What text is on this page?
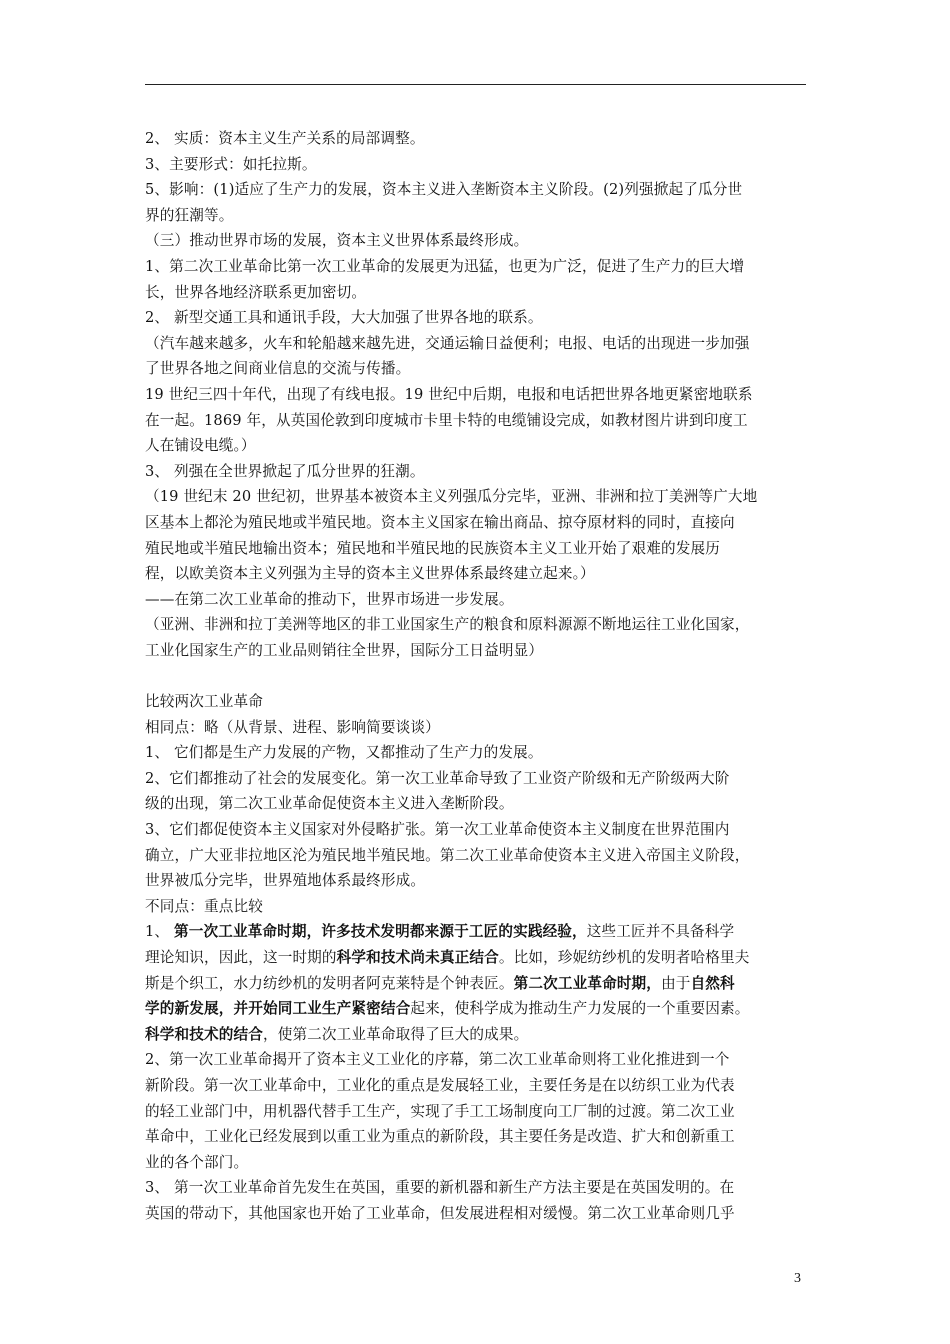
2、 实质：资本主义生产关系的局部调整。
3、主要形式：如托拉斯。
5、影响：(1)适应了生产力的发展，资本主义进入垄断资本主义阶段。(2)列强掀起了瓜分世
界的狂潮等。
（三）推动世界市场的发展，资本主义世界体系最终形成。
1、第二次工业革命比第一次工业革命的发展更为迅猛，也更为广泛，促进了生产力的巨大增
长，世界各地经济联系更加密切。
2、 新型交通工具和通讯手段，大大加强了世界各地的联系。
（汽车越来越多，火车和轮船越来越先进，交通运输日益便利；电报、电话的出现进一步加强
了世界各地之间商业信息的交流与传播。
19 世纪三四十年代，出现了有线电报。19 世纪中后期，电报和电话把世界各地更紧密地联系
在一起。1869 年，从英国伦敦到印度城市卡里卡特的电缆铺设完成，如教材图片讲到印度工
人在铺设电缆。）
3、 列强在全世界掀起了瓜分世界的狂潮。
（19 世纪末 20 世纪初，世界基本被资本主义列强瓜分完毕，亚洲、非洲和拉丁美洲等广大地
区基本上都沦为殖民地或半殖民地。资本主义国家在输出商品、掠夺原材料的同时，直接向
殖民地或半殖民地输出资本；殖民地和半殖民地的民族资本主义工业开始了艰难的发展历
程，以欧美资本主义列强为主导的资本主义世界体系最终建立起来。）
——在第二次工业革命的推动下，世界市场进一步发展。
（亚洲、非洲和拉丁美洲等地区的非工业国家生产的粮食和原料源源不断地运往工业化国家，
工业化国家生产的工业品则销往全世界，国际分工日益明显）
比较两次工业革命
相同点：略（从背景、进程、影响简要谈谈）
1、 它们都是生产力发展的产物，又都推动了生产力的发展。
2、它们都推动了社会的发展变化。第一次工业革命导致了工业资产阶级和无产阶级两大阶
级的出现，第二次工业革命促使资本主义进入垄断阶段。
3、它们都促使资本主义国家对外侵略扩张。第一次工业革命使资本主义制度在世界范围内
确立，广大亚非拉地区沦为殖民地半殖民地。第二次工业革命使资本主义进入帝国主义阶段，
世界被瓜分完毕，世界殖地体系最终形成。
不同点：重点比较
1、 第一次工业革命时期，许多技术发明都来源于工匠的实践经验，这些工匠并不具备科学
理论知识，因此，这一时期的科学和技术尚未真正结合。比如，珍妮纺纱机的发明者哈格里夫
斯是个织工，水力纺纱机的发明者阿克莱特是个钟表匠。第二次工业革命时期，由于自然科
学的新发展，并开始同工业生产紧密结合起来，使科学成为推动生产力发展的一个重要因素。
科学和技术的结合，使第二次工业革命取得了巨大的成果。
2、第一次工业革命揭开了资本主义工业化的序幕，第二次工业革命则将工业化推进到一个
新阶段。第一次工业革命中，工业化的重点是发展轻工业，主要任务是在以纺织工业为代表
的轻工业部门中，用机器代替手工生产，实现了手工工场制度向工厂制的过渡。第二次工业
革命中，工业化已经发展到以重工业为重点的新阶段，其主要任务是改造、扩大和创新重工
业的各个部门。
3、 第一次工业革命首先发生在英国，重要的新机器和新生产方法主要是在英国发明的。在
英国的带动下，其他国家也开始了工业革命，但发展进程相对缓慢。第二次工业革命则几乎
3
